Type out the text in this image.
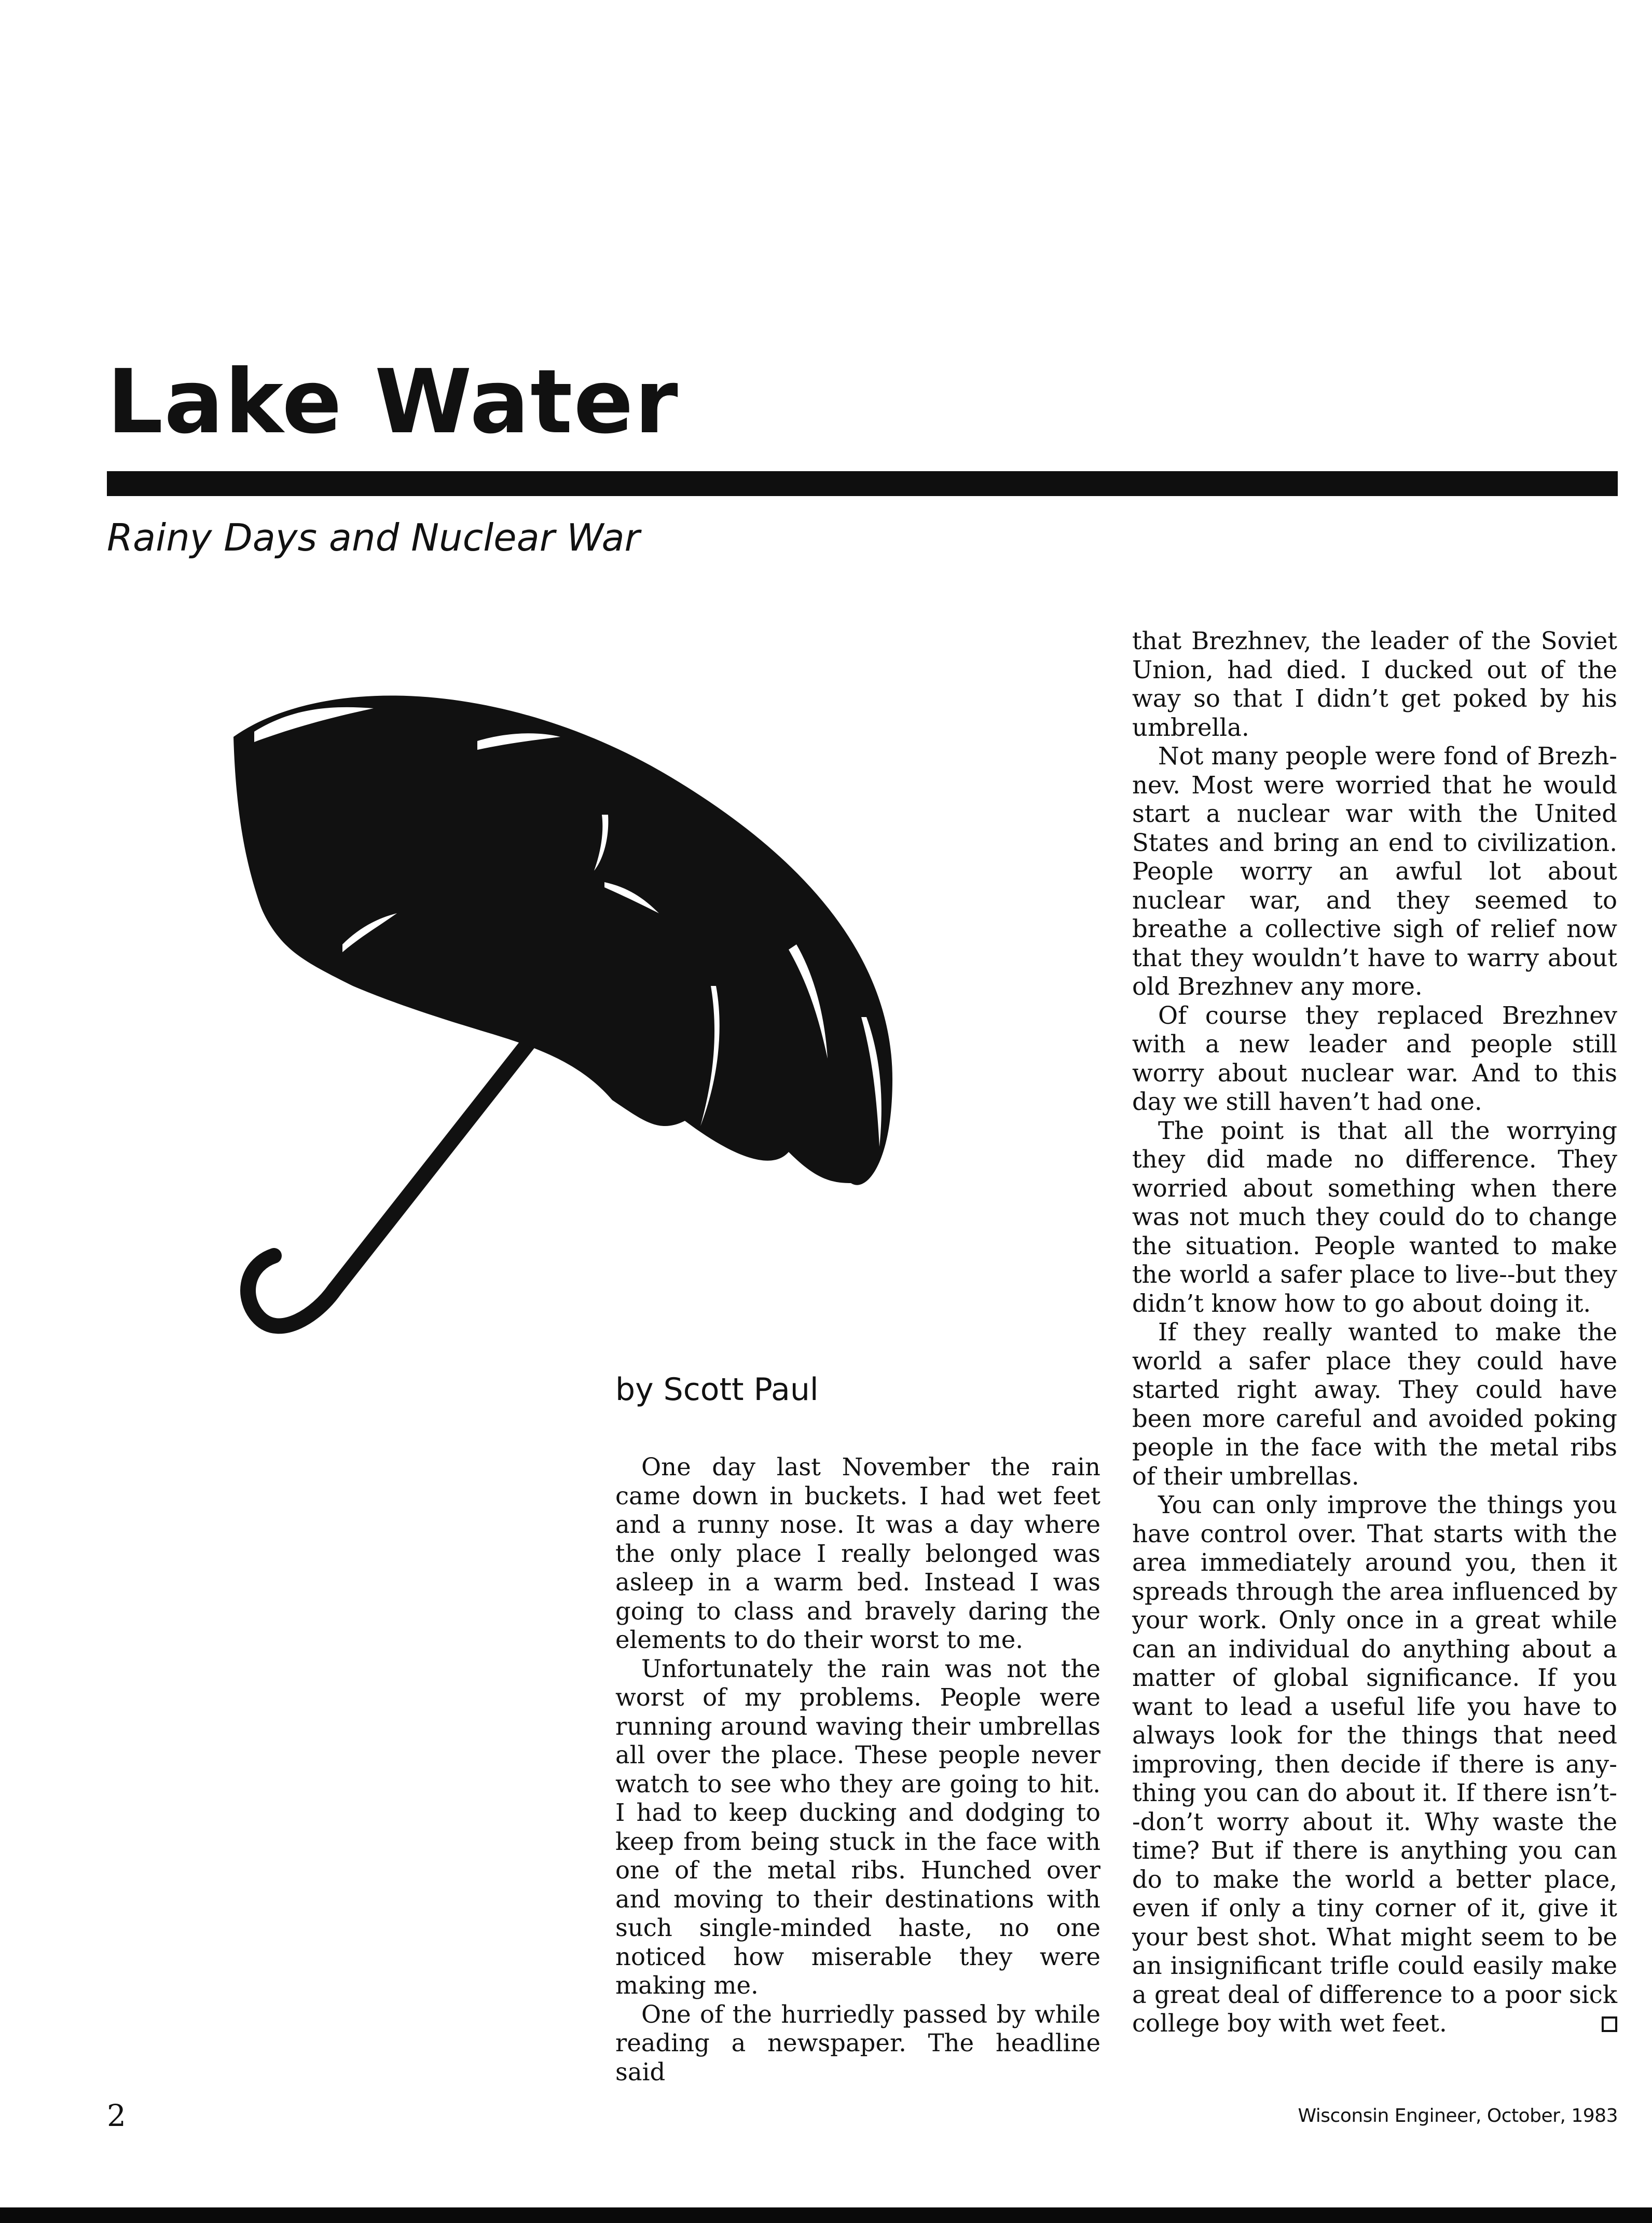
Lake Water
Rainy Days and Nuclear War
by Scott Paul

One day last November the rain came down in buckets. I had wet feet and a runny nose. It was a day where the only place I really belonged was asleep in a warm bed. Instead I was going to class and bravely daring the elements to do their worst to me.

Unfortunately the rain was not the worst of my problems. People were running around waving their umbrellas all over the place. These people never watch to see who they are going to hit. I had to keep ducking and dodging to keep from being stuck in the face with one of the metal ribs. Hunched over and moving to their destinations with such single-minded haste, no one noticed how miserable they were making me.

One of the hurriedly passed by while reading a newspaper. The headline said

that Brezhnev, the leader of the Soviet Union, had died. I ducked out of the way so that I didn’t get poked by his umbrella.

Not many people were fond of Brezhnev. Most were worried that he would start a nuclear war with the United States and bring an end to civilization. People worry an awful lot about nuclear war, and they seemed to breathe a collective sigh of relief now that they wouldn’t have to warry about old Brezhnev any more.

Of course they replaced Brezhnev with a new leader and people still worry about nuclear war. And to this day we still haven’t had one.

The point is that all the worrying they did made no difference. They worried about something when there was not much they could do to change the situation. People wanted to make the world a safer place to live--but they didn’t know how to go about doing it.

If they really wanted to make the world a safer place they could have started right away. They could have been more careful and avoided poking people in the face with the metal ribs of their umbrellas.

You can only improve the things you have control over. That starts with the area immediately around you, then it spreads through the area influenced by your work. Only once in a great while can an individual do anything about a matter of global significance. If you want to lead a useful life you have to always look for the things that need improving, then decide if there is anything you can do about it. If there isn’t--don’t worry about it. Why waste the time? But if there is anything you can do to make the world a better place, even if only a tiny corner of it, give it your best shot. What might seem to be an insignificant trifle could easily make a great deal of difference to a poor sick college boy with wet feet.

2	Wisconsin Engineer, October, 1983
